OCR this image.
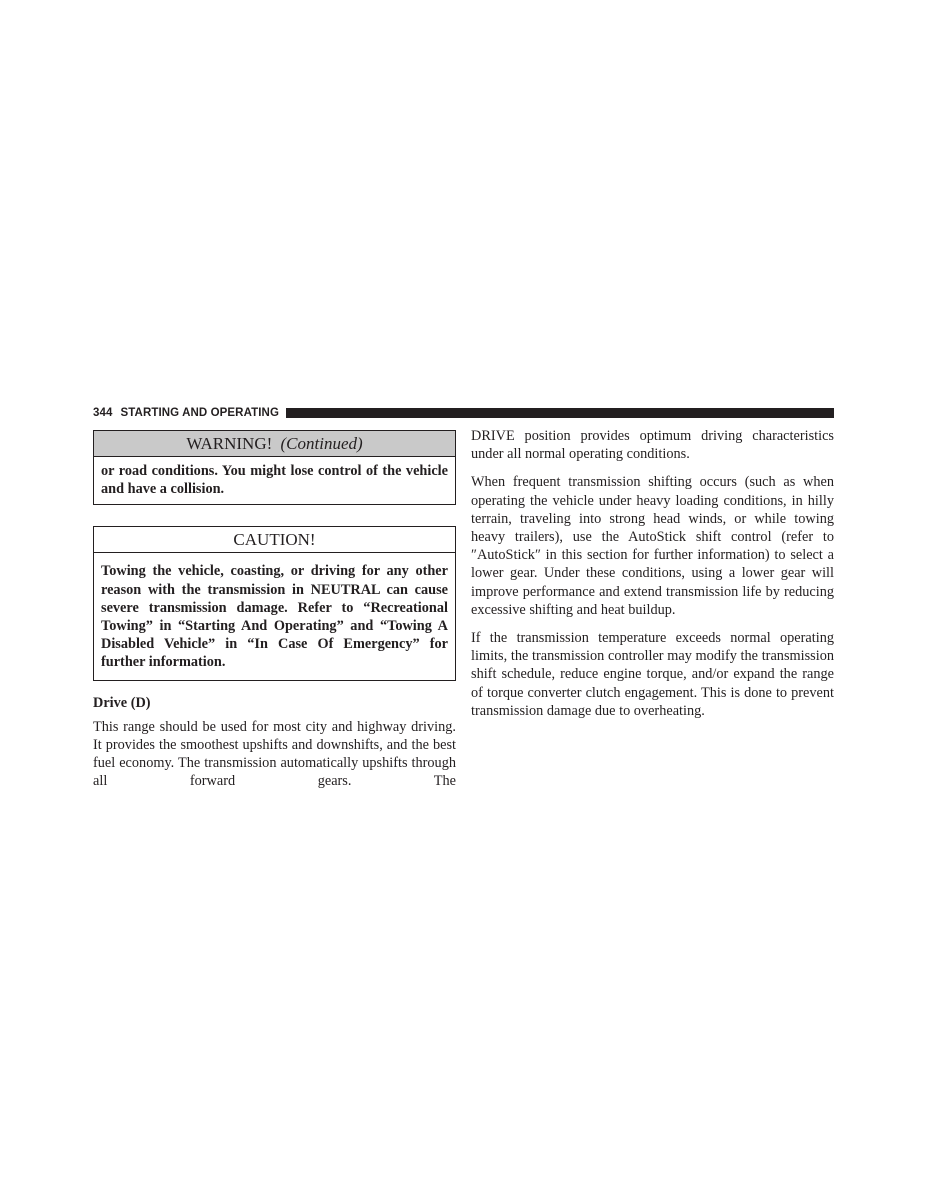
344 STARTING AND OPERATING
WARNING! (Continued)
or road conditions. You might lose control of the vehicle and have a collision.
CAUTION!
Towing the vehicle, coasting, or driving for any other reason with the transmission in NEUTRAL can cause severe transmission damage. Refer to “Recreational Towing” in “Starting And Operating” and “Towing A Disabled Vehicle” in “In Case Of Emergency” for further information.
Drive (D)

This range should be used for most city and highway driving. It provides the smoothest upshifts and downshifts, and the best fuel economy. The transmission automatically upshifts through all forward gears. The

DRIVE position provides optimum driving characteristics under all normal operating conditions.

When frequent transmission shifting occurs (such as when operating the vehicle under heavy loading conditions, in hilly terrain, traveling into strong head winds, or while towing heavy trailers), use the AutoStick shift control (refer to ″AutoStick″ in this section for further information) to select a lower gear. Under these conditions, using a lower gear will improve performance and extend transmission life by reducing excessive shifting and heat buildup.

If the transmission temperature exceeds normal operating limits, the transmission controller may modify the transmission shift schedule, reduce engine torque, and/or expand the range of torque converter clutch engagement. This is done to prevent transmission damage due to overheating.
